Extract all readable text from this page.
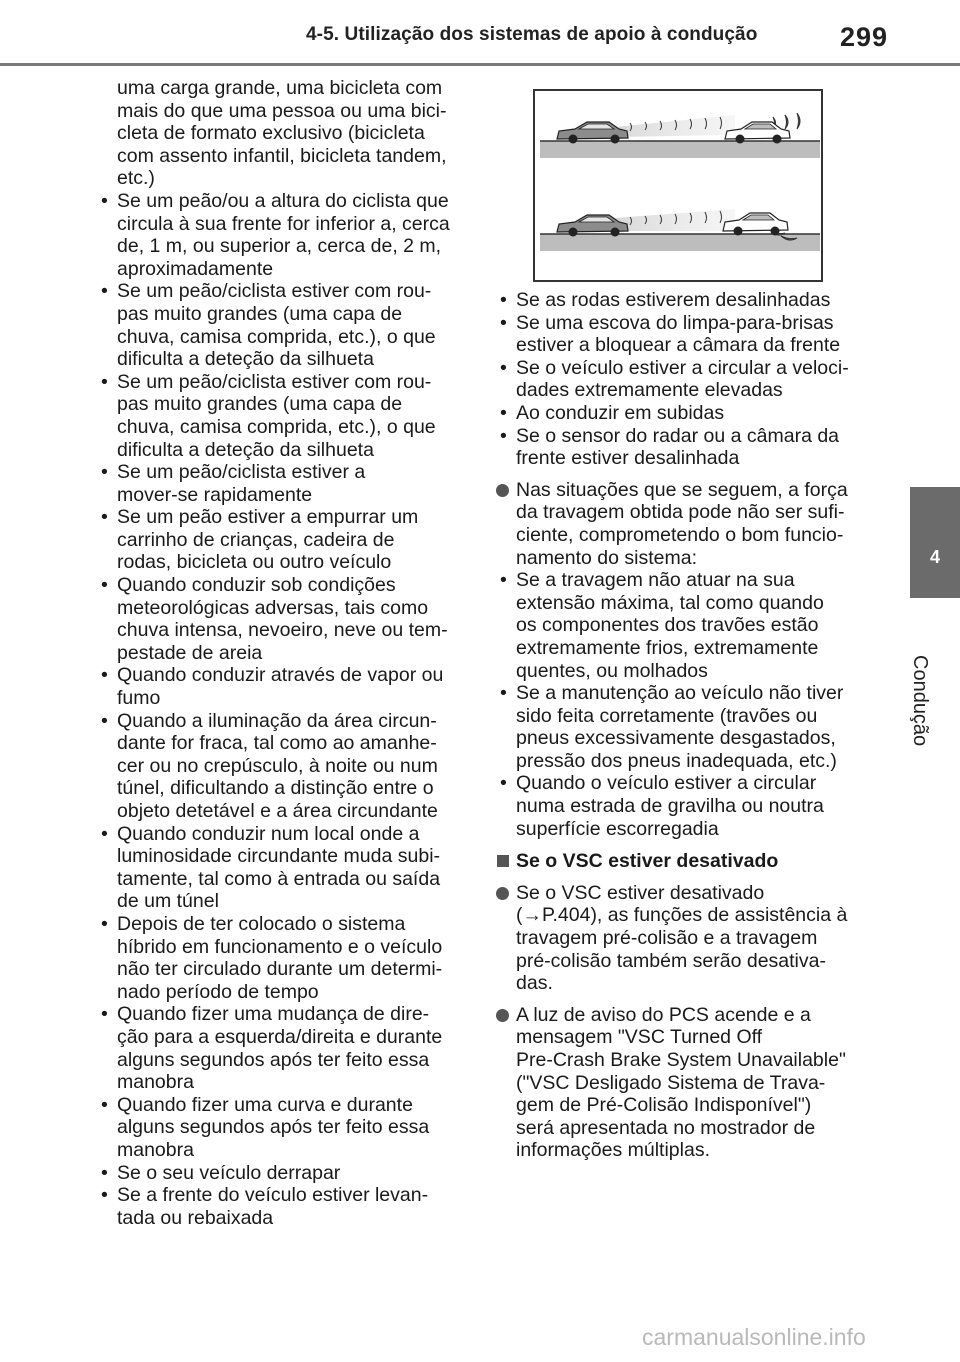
4-5. Utilização dos sistemas de apoio à condução	299
4
Condução
uma carga grande, uma bicicleta com
mais do que uma pessoa ou uma bici-
cleta de formato exclusivo (bicicleta
com assento infantil, bicicleta tandem,
etc.)
• Se um peão/ou a altura do ciclista que
circula à sua frente for inferior a, cerca
de, 1 m, ou superior a, cerca de, 2 m,
aproximadamente
• Se um peão/ciclista estiver com rou-
pas muito grandes (uma capa de
chuva, camisa comprida, etc.), o que
dificulta a deteção da silhueta
• Se um peão/ciclista estiver com rou-
pas muito grandes (uma capa de
chuva, camisa comprida, etc.), o que
dificulta a deteção da silhueta
• Se um peão/ciclista estiver a
mover-se rapidamente
• Se um peão estiver a empurrar um
carrinho de crianças, cadeira de
rodas, bicicleta ou outro veículo
• Quando conduzir sob condições
meteorológicas adversas, tais como
chuva intensa, nevoeiro, neve ou tem-
pestade de areia
• Quando conduzir através de vapor ou
fumo
• Quando a iluminação da área circun-
dante for fraca, tal como ao amanhe-
cer ou no crepúsculo, à noite ou num
túnel, dificultando a distinção entre o
objeto detetável e a área circundante
• Quando conduzir num local onde a
luminosidade circundante muda subi-
tamente, tal como à entrada ou saída
de um túnel
• Depois de ter colocado o sistema
híbrido em funcionamento e o veículo
não ter circulado durante um determi-
nado período de tempo
• Quando fizer uma mudança de dire-
ção para a esquerda/direita e durante
alguns segundos após ter feito essa
manobra
• Quando fizer uma curva e durante
alguns segundos após ter feito essa
manobra
• Se o seu veículo derrapar
• Se a frente do veículo estiver levan-
tada ou rebaixada
• Se as rodas estiverem desalinhadas
• Se uma escova do limpa-para-brisas
estiver a bloquear a câmara da frente
• Se o veículo estiver a circular a veloci-
dades extremamente elevadas
• Ao conduzir em subidas
• Se o sensor do radar ou a câmara da
frente estiver desalinhada
Nas situações que se seguem, a força
da travagem obtida pode não ser sufi-
ciente, comprometendo o bom funcio-
namento do sistema:
• Se a travagem não atuar na sua
extensão máxima, tal como quando
os componentes dos travões estão
extremamente frios, extremamente
quentes, ou molhados
• Se a manutenção ao veículo não tiver
sido feita corretamente (travões ou
pneus excessivamente desgastados,
pressão dos pneus inadequada, etc.)
• Quando o veículo estiver a circular
numa estrada de gravilha ou noutra
superfície escorregadia
Se o VSC estiver desativado
Se o VSC estiver desativado
(→P.404), as funções de assistência à
travagem pré-colisão e a travagem
pré-colisão também serão desativa-
das.
A luz de aviso do PCS acende e a
mensagem "VSC Turned Off
Pre-Crash Brake System Unavailable"
("VSC Desligado Sistema de Trava-
gem de Pré-Colisão Indisponível")
será apresentada no mostrador de
informações múltiplas.
carmanualsonline.info
